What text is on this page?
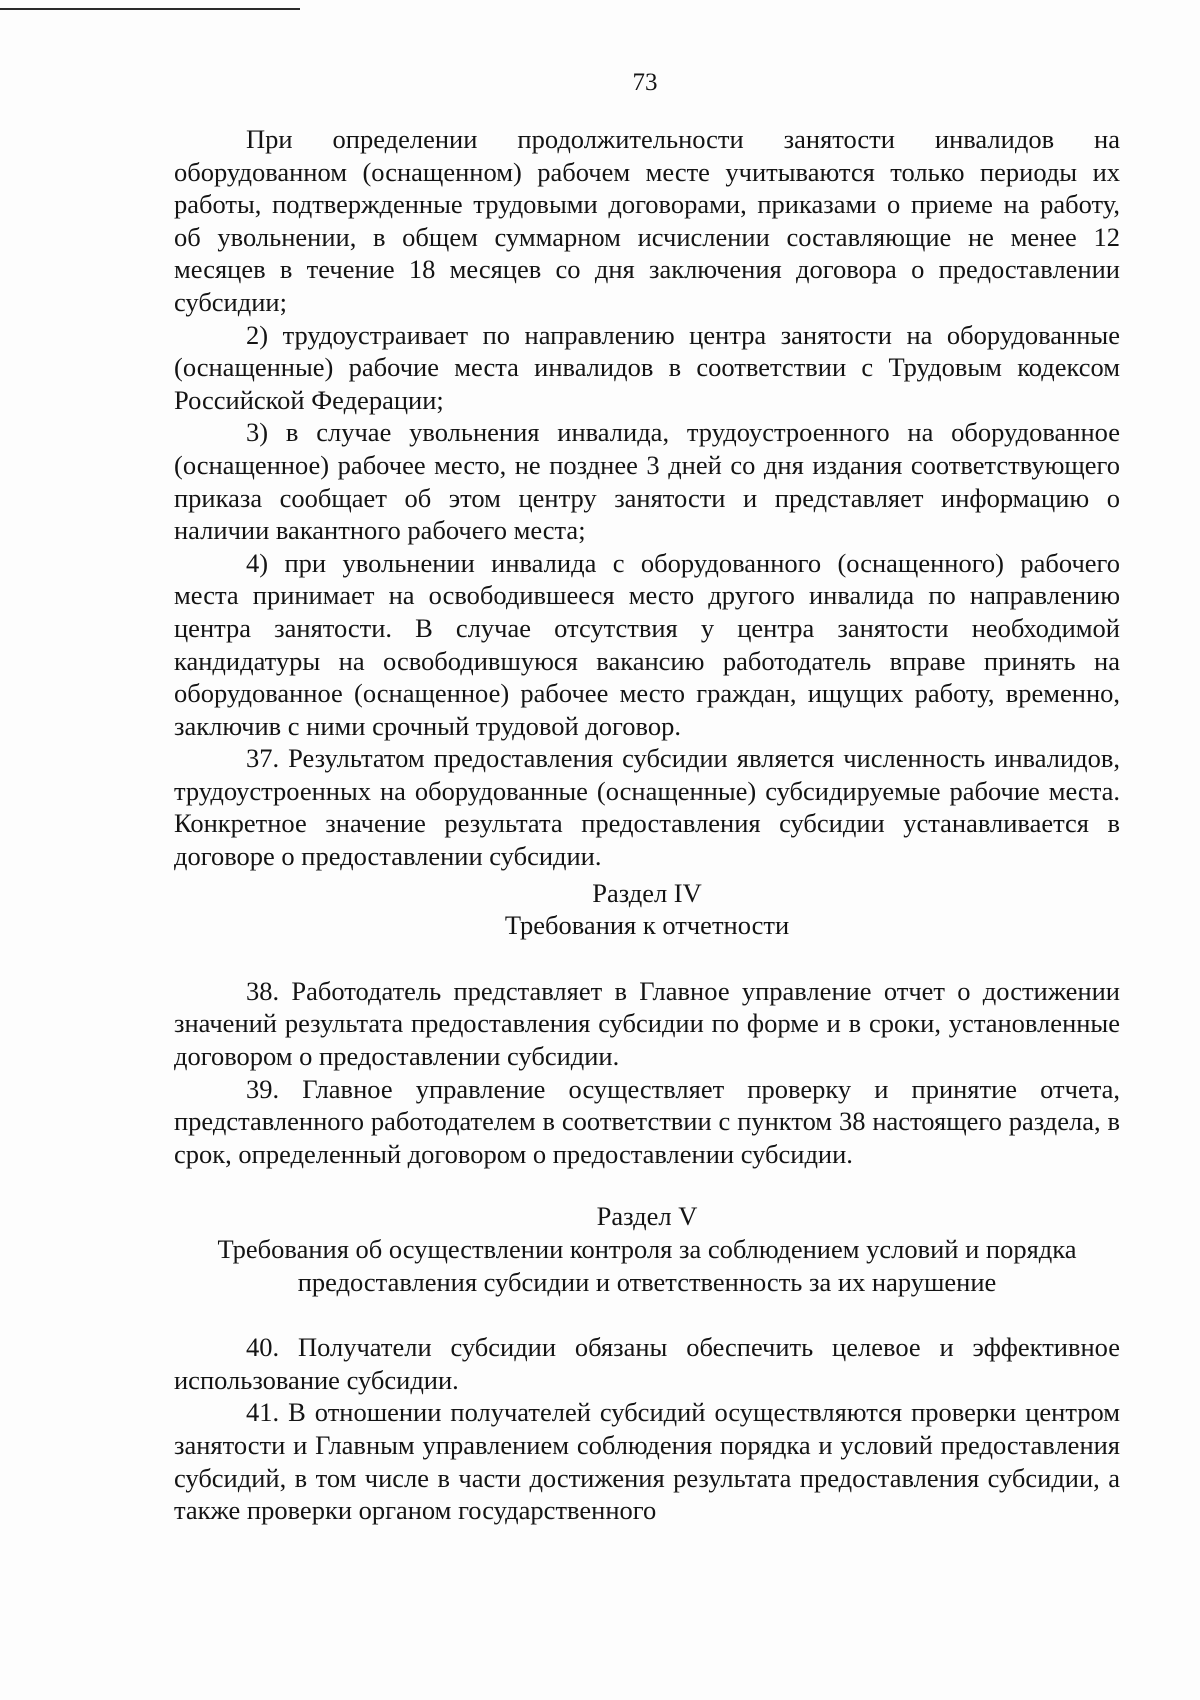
73

При определении продолжительности занятости инвалидов на оборудованном (оснащенном) рабочем месте учитываются только периоды их работы, подтвержденные трудовыми договорами, приказами о приеме на работу, об увольнении, в общем суммарном исчислении составляющие не менее 12 месяцев в течение 18 месяцев со дня заключения договора о предоставлении субсидии;

2) трудоустраивает по направлению центра занятости на оборудованные (оснащенные) рабочие места инвалидов в соответствии с Трудовым кодексом Российской Федерации;

3) в случае увольнения инвалида, трудоустроенного на оборудованное (оснащенное) рабочее место, не позднее 3 дней со дня издания соответствующего приказа сообщает об этом центру занятости и представляет информацию о наличии вакантного рабочего места;

4) при увольнении инвалида с оборудованного (оснащенного) рабочего места принимает на освободившееся место другого инвалида по направлению центра занятости. В случае отсутствия у центра занятости необходимой кандидатуры на освободившуюся вакансию работодатель вправе принять на оборудованное (оснащенное) рабочее место граждан, ищущих работу, временно, заключив с ними срочный трудовой договор.

37. Результатом предоставления субсидии является численность инвалидов, трудоустроенных на оборудованные (оснащенные) субсидируемые рабочие места. Конкретное значение результата предоставления субсидии устанавливается в договоре о предоставлении субсидии.

Раздел IV

Требования к отчетности

38. Работодатель представляет в Главное управление отчет о достижении значений результата предоставления субсидии по форме и в сроки, установленные договором о предоставлении субсидии.

39. Главное управление осуществляет проверку и принятие отчета, представленного работодателем в соответствии с пунктом 38 настоящего раздела, в срок, определенный договором о предоставлении субсидии.

Раздел V

Требования об осуществлении контроля за соблюдением условий и порядка

предоставления субсидии и ответственность за их нарушение

40. Получатели субсидии обязаны обеспечить целевое и эффективное использование субсидии.

41. В отношении получателей субсидий осуществляются проверки центром занятости и Главным управлением соблюдения порядка и условий предоставления субсидий, в том числе в части достижения результата предоставления субсидии, а также проверки органом государственного
